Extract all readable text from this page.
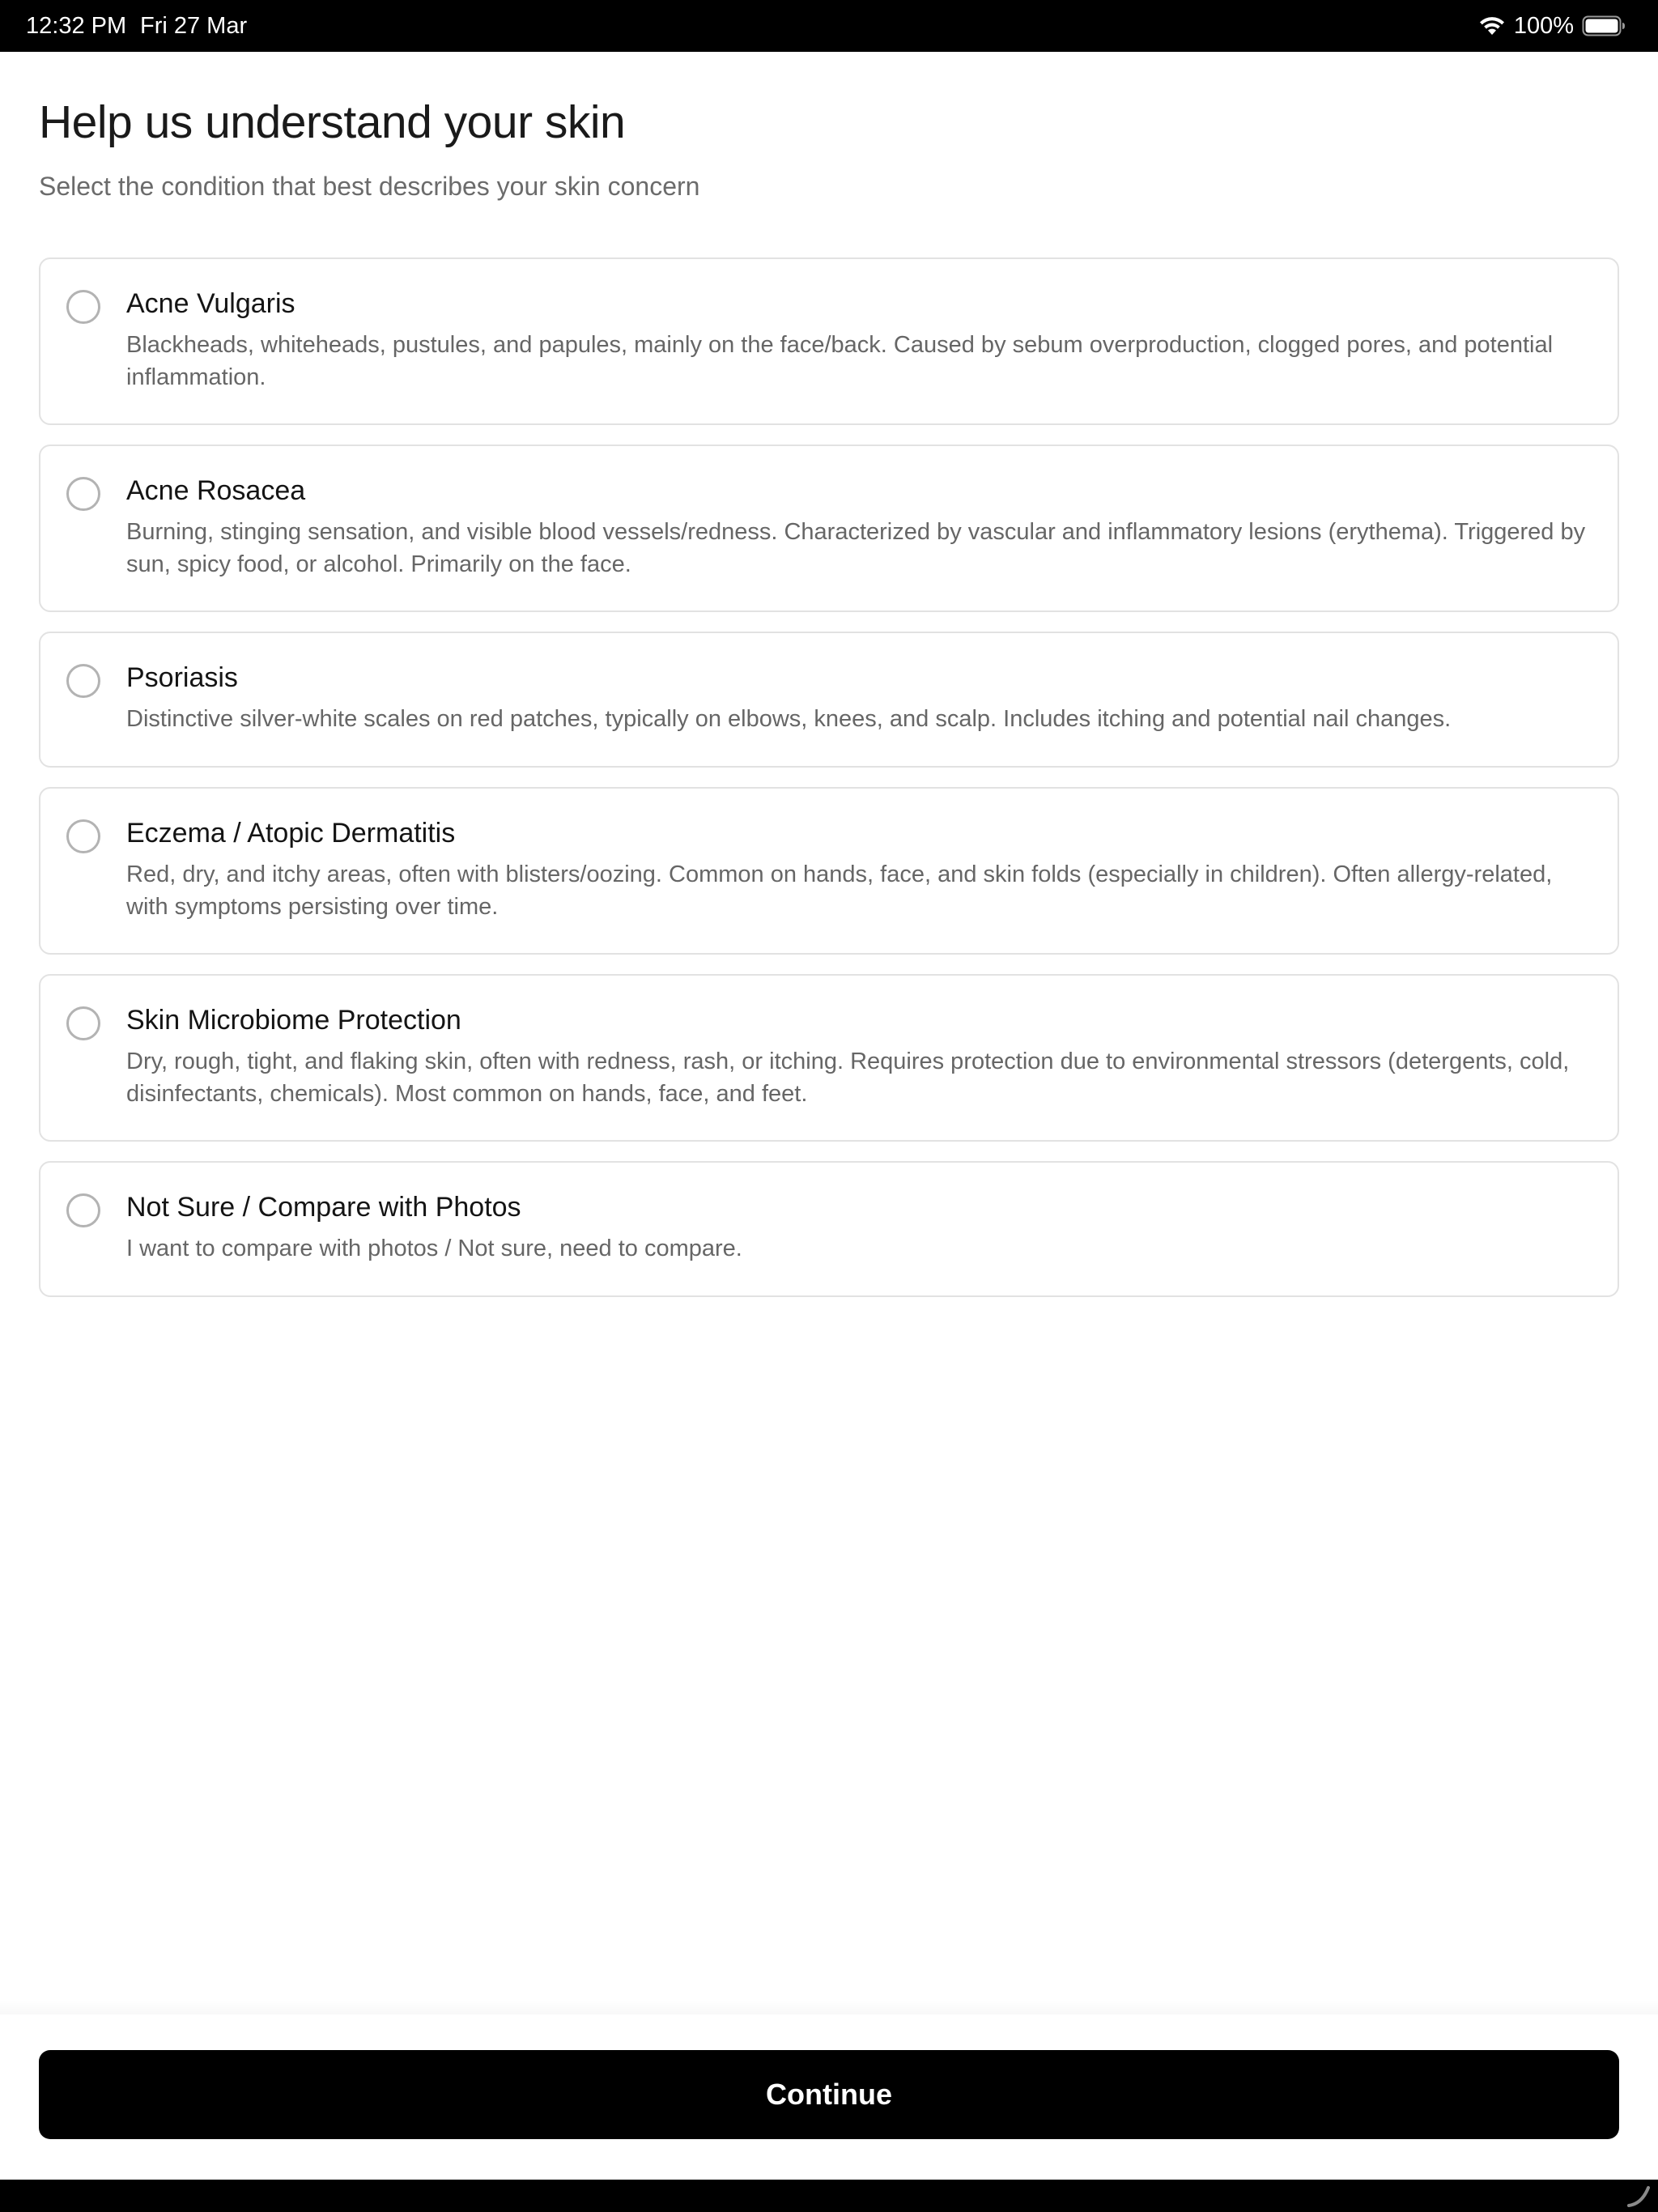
12:32 PM Fri 27 Mar	100%
Help us understand your skin

Select the condition that best describes your skin concern

Acne Vulgaris

Blackheads, whiteheads, pustules, and papules, mainly on the face/back. Caused by sebum overproduction, clogged pores, and potential inflammation.

Acne Rosacea

Burning, stinging sensation, and visible blood vessels/redness. Characterized by vascular and inflammatory lesions (erythema). Triggered by sun, spicy food, or alcohol. Primarily on the face.

Psoriasis

Distinctive silver-white scales on red patches, typically on elbows, knees, and scalp. Includes itching and potential nail changes.

Eczema / Atopic Dermatitis

Red, dry, and itchy areas, often with blisters/oozing. Common on hands, face, and skin folds (especially in children). Often allergy-related, with symptoms persisting over time.

Skin Microbiome Protection

Dry, rough, tight, and flaking skin, often with redness, rash, or itching. Requires protection due to environmental stressors (detergents, cold, disinfectants, chemicals). Most common on hands, face, and feet.

Not Sure / Compare with Photos

I want to compare with photos / Not sure, need to compare.

Continue
